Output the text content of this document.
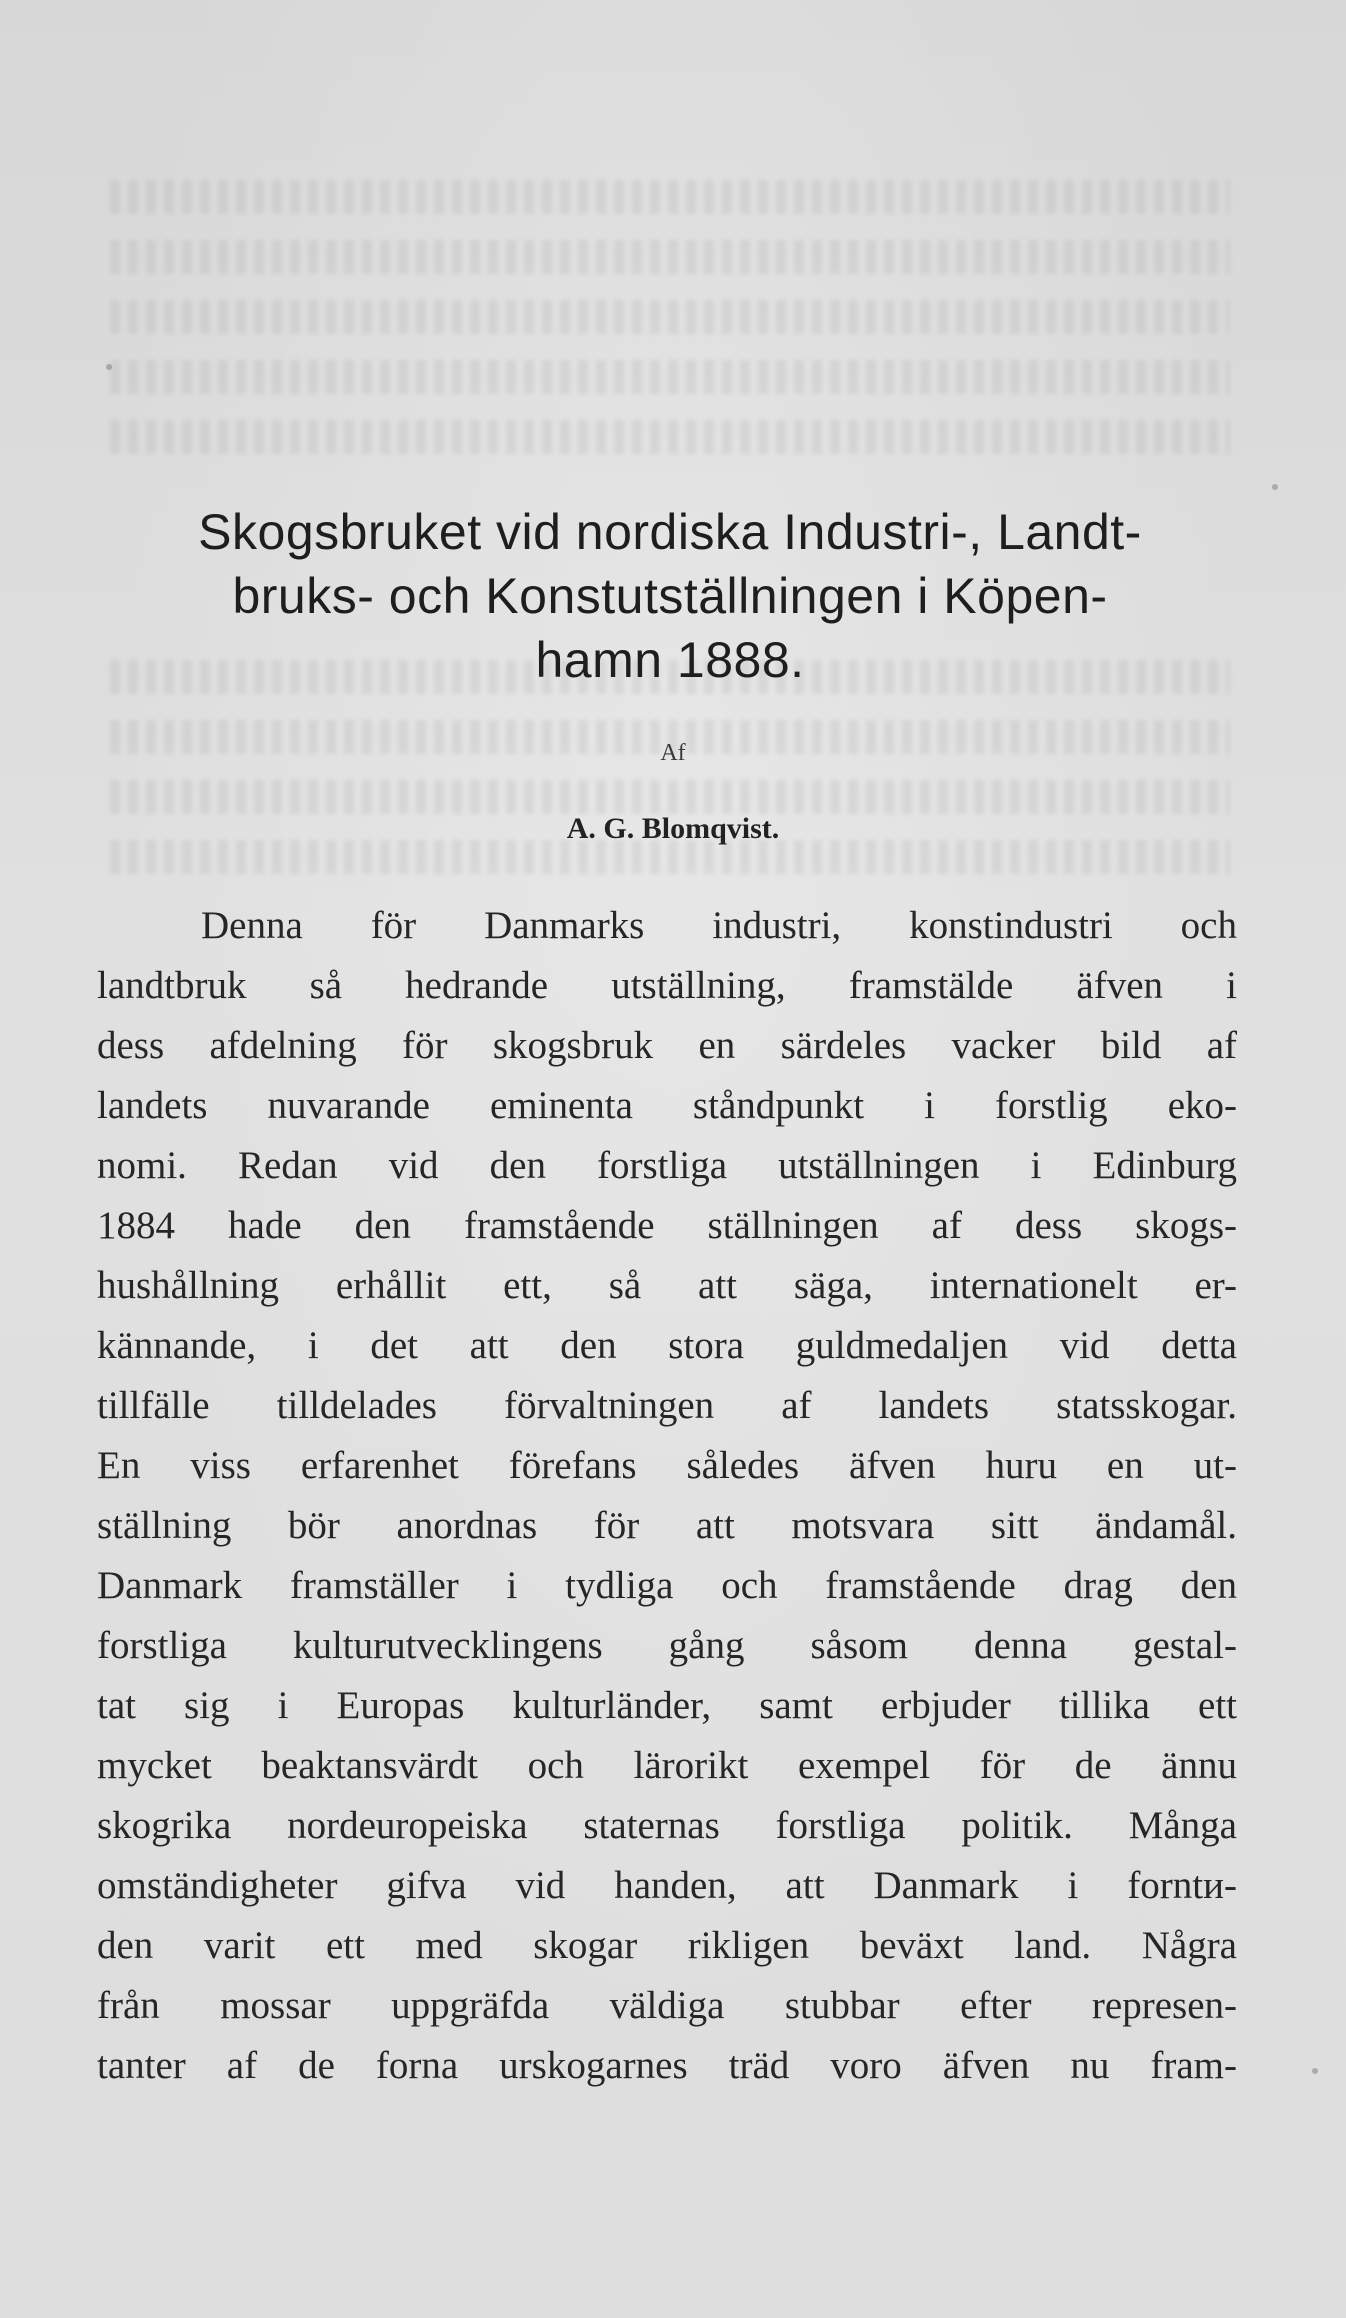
Skogsbruket vid nordiska Industri-, Landt-
bruks- och Konstutställningen i Köpen-
hamn 1888.
Af
A. G. Blomqvist.
Denna för Danmarks industri, konstindustri och
landtbruk så hedrande utställning, framstälde äfven i
dess afdelning för skogsbruk en särdeles vacker bild af
landets nuvarande eminenta ståndpunkt i forstlig eko-
nomi. Redan vid den forstliga utställningen i Edinburg
1884 hade den framstående ställningen af dess skogs-
hushållning erhållit ett, så att säga, internationelt er-
kännande, i det att den stora guldmedaljen vid detta
tillfälle tilldelades förvaltningen af landets statsskogar.
En viss erfarenhet förefans således äfven huru en ut-
ställning bör anordnas för att motsvara sitt ändamål.
Danmark framställer i tydliga och framstående drag den
forstliga kulturutvecklingens gång såsom denna gestal-
tat sig i Europas kulturländer, samt erbjuder tillika ett
mycket beaktansvärdt och lärorikt exempel för de ännu
skogrika nordeuropeiska staternas forstliga politik. Många
omständigheter gifva vid handen, att Danmark i forntи-
den varit ett med skogar rikligen beväxt land. Några
från mossar uppgräfda väldiga stubbar efter represen-
tanter af de forna urskogarnes träd voro äfven nu fram-
